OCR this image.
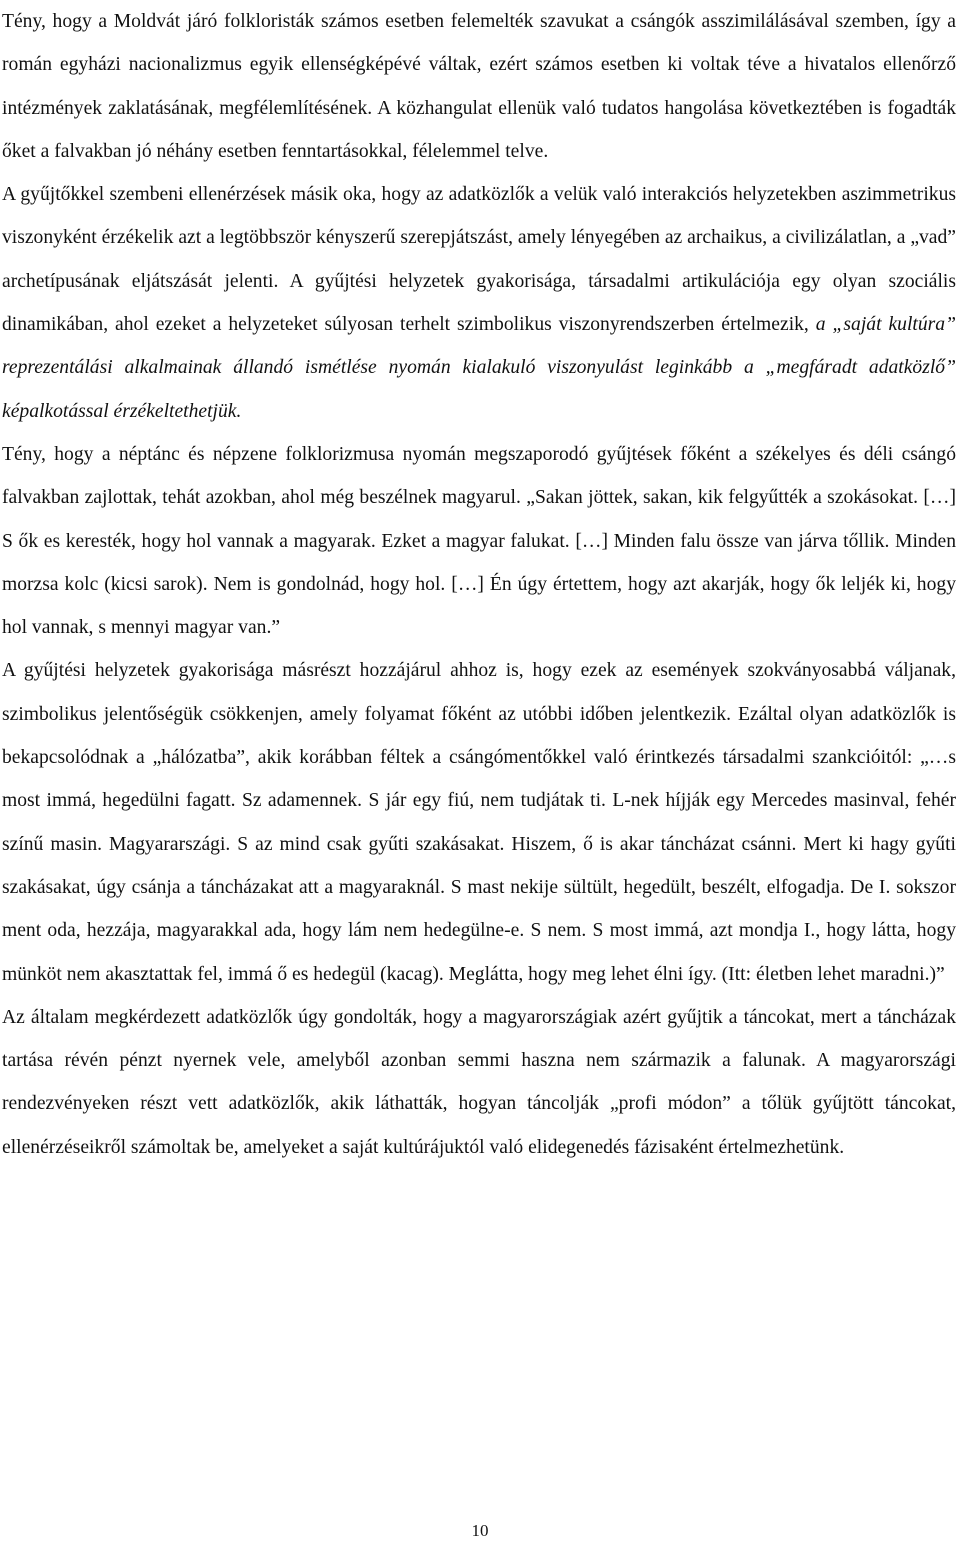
Tény, hogy a Moldvát járó folkloristák számos esetben felemelték szavukat a csángók asszimilálásával szemben, így a román egyházi nacionalizmus egyik ellenségképévé váltak, ezért számos esetben ki voltak téve a hivatalos ellenőrző intézmények zaklatásának, megfélemlítésének. A közhangulat ellenük való tudatos hangolása következtében is fogadták őket a falvakban jó néhány esetben fenntartásokkal, félelemmel telve.

A gyűjtőkkel szembeni ellenérzések másik oka, hogy az adatközlők a velük való interakciós helyzetekben aszimmetrikus viszonyként érzékelik azt a legtöbbször kényszerű szerepjátszást, amely lényegében az archaikus, a civilizálatlan, a „vad” archetípusának eljátszását jelenti. A gyűjtési helyzetek gyakorisága, társadalmi artikulációja egy olyan szociális dinamikában, ahol ezeket a helyzeteket súlyosan terhelt szimbolikus viszonyrendszerben értelmezik, a „saját kultúra” reprezentálási alkalmainak állandó ismétlése nyomán kialakuló viszonyulást leginkább a „megfáradt adatközlő” képalkotással érzékeltethetjük.

Tény, hogy a néptánc és népzene folklorizmusa nyomán megszaporodó gyűjtések főként a székelyes és déli csángó falvakban zajlottak, tehát azokban, ahol még beszélnek magyarul. „Sakan jöttek, sakan, kik felgyűtték a szokásokat. […] S ők es keresték, hogy hol vannak a magyarak. Ezket a magyar falukat. […] Minden falu össze van járva tőllik. Minden morzsa kolc (kicsi sarok). Nem is gondolnád, hogy hol. […] Én úgy értettem, hogy azt akarják, hogy ők leljék ki, hogy hol vannak, s mennyi magyar van.”

A gyűjtési helyzetek gyakorisága másrészt hozzájárul ahhoz is, hogy ezek az események szokványosabbá váljanak, szimbolikus jelentőségük csökkenjen, amely folyamat főként az utóbbi időben jelentkezik. Ezáltal olyan adatközlők is bekapcsolódnak a „hálózatba”, akik korábban féltek a csángómentőkkel való érintkezés társadalmi szankcióitól: „…s most immá, hegedülni fagatt. Sz adamennek. S jár egy fiú, nem tudjátak ti. L-nek híjják egy Mercedes masinval, fehér színű masin. Magyararszági. S az mind csak gyűti szakásakat. Hiszem, ő is akar táncházat csánni. Mert ki hagy gyűti szakásakat, úgy csánja a táncházakat att a magyaraknál. S mast nekije sültült, hegedült, beszélt, elfogadja. De I. sokszor ment oda, hezzája, magyarakkal ada, hogy lám nem hedegülne-e. S nem. S most immá, azt mondja I., hogy látta, hogy münköt nem akasztattak fel, immá ő es hedegül (kacag). Meglátta, hogy meg lehet élni így. (Itt: életben lehet maradni.)”

Az általam megkérdezett adatközlők úgy gondolták, hogy a magyarországiak azért gyűjtik a táncokat, mert a táncházak tartása révén pénzt nyernek vele, amelyből azonban semmi haszna nem származik a falunak. A magyarországi rendezvényeken részt vett adatközlők, akik láthatták, hogyan táncolják „profi módon” a tőlük gyűjtött táncokat, ellenérzéseikről számoltak be, amelyeket a saját kultúrájuktól való elidegenedés fázisaként értelmezhetünk.

10
